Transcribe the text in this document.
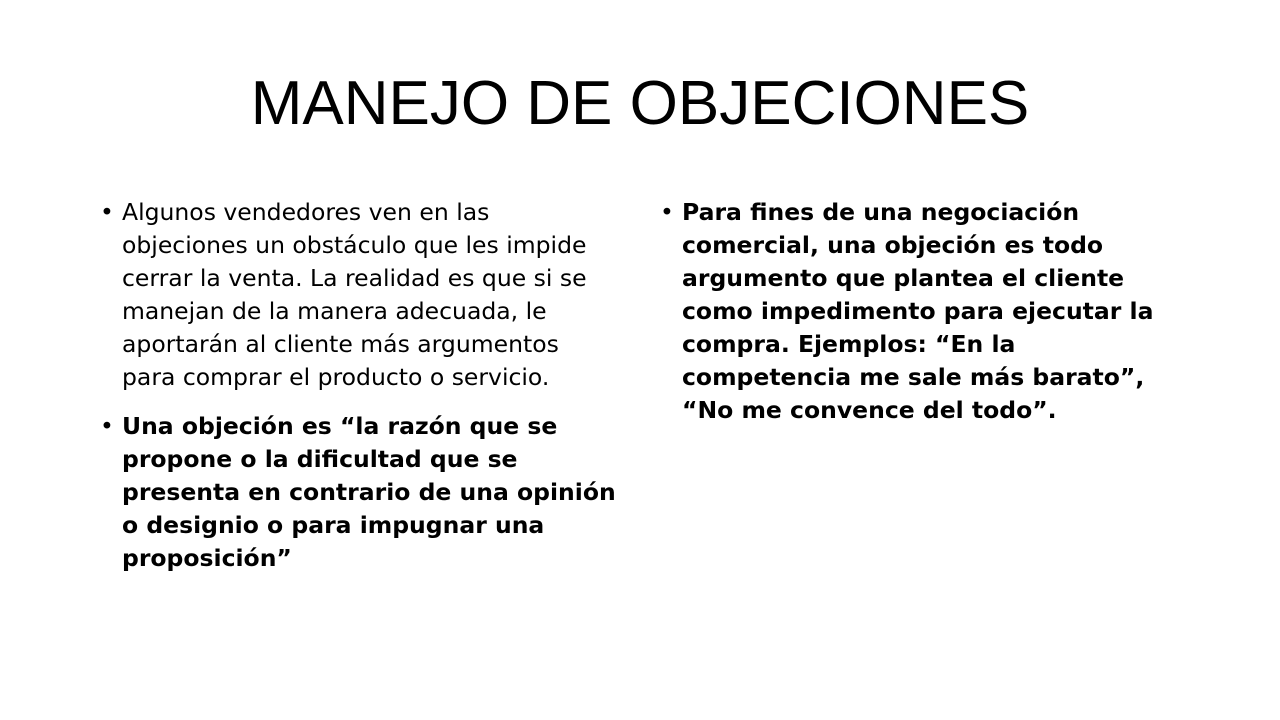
MANEJO DE OBJECIONES
• Algunos vendedores ven en las objeciones un obstáculo que les impide cerrar la venta. La realidad es que si se manejan de la manera adecuada, le aportarán al cliente más argumentos para comprar el producto o servicio.
• Una objeción es “la razón que se propone o la dificultad que se presenta en contrario de una opinión o designio o para impugnar una proposición”
• Para fines de una negociación comercial, una objeción es todo argumento que plantea el cliente como impedimento para ejecutar la compra. Ejemplos: “En la competencia me sale más barato”, “No me convence del todo”.
